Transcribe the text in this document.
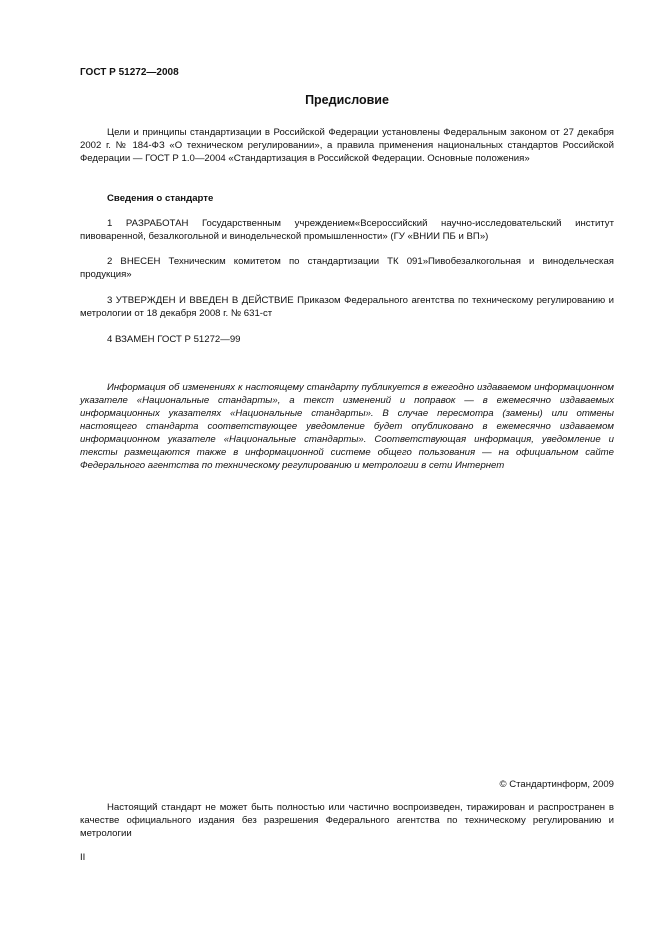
ГОСТ Р 51272—2008
Предисловие

Цели и принципы стандартизации в Российской Федерации установлены Федеральным законом от 27 декабря 2002 г. № 184-ФЗ «О техническом регулировании», а правила применения национальных стандартов Российской Федерации — ГОСТ Р 1.0—2004 «Стандартизация в Российской Федерации. Основные положения»

Сведения о стандарте

1 РАЗРАБОТАН Государственным учреждением«Всероссийский научно-исследовательский институт пивоваренной, безалкогольной и винодельческой промышленности» (ГУ «ВНИИ ПБ и ВП»)

2 ВНЕСЕН Техническим комитетом по стандартизации ТК 091»Пивобезалкогольная и винодельческая продукция»

3 УТВЕРЖДЕН И ВВЕДЕН В ДЕЙСТВИЕ Приказом Федерального агентства по техническому регулированию и метрологии от 18 декабря 2008 г. № 631-ст

4 ВЗАМЕН ГОСТ Р 51272—99

Информация об изменениях к настоящему стандарту публикуется в ежегодно издаваемом информационном указателе «Национальные стандарты», а текст изменений и поправок — в ежемесячно издаваемых информационных указателях «Национальные стандарты». В случае пересмотра (замены) или отмены настоящего стандарта соответствующее уведомление будет опубликовано в ежемесячно издаваемом информационном указателе «Национальные стандарты». Соответствующая информация, уведомление и тексты размещаются также в информационной системе общего пользования — на официальном сайте Федерального агентства по техническому регулированию и метрологии в сети Интернет

© Стандартинформ, 2009

Настоящий стандарт не может быть полностью или частично воспроизведен, тиражирован и распространен в качестве официального издания без разрешения Федерального агентства по техническому регулированию и метрологии

II
